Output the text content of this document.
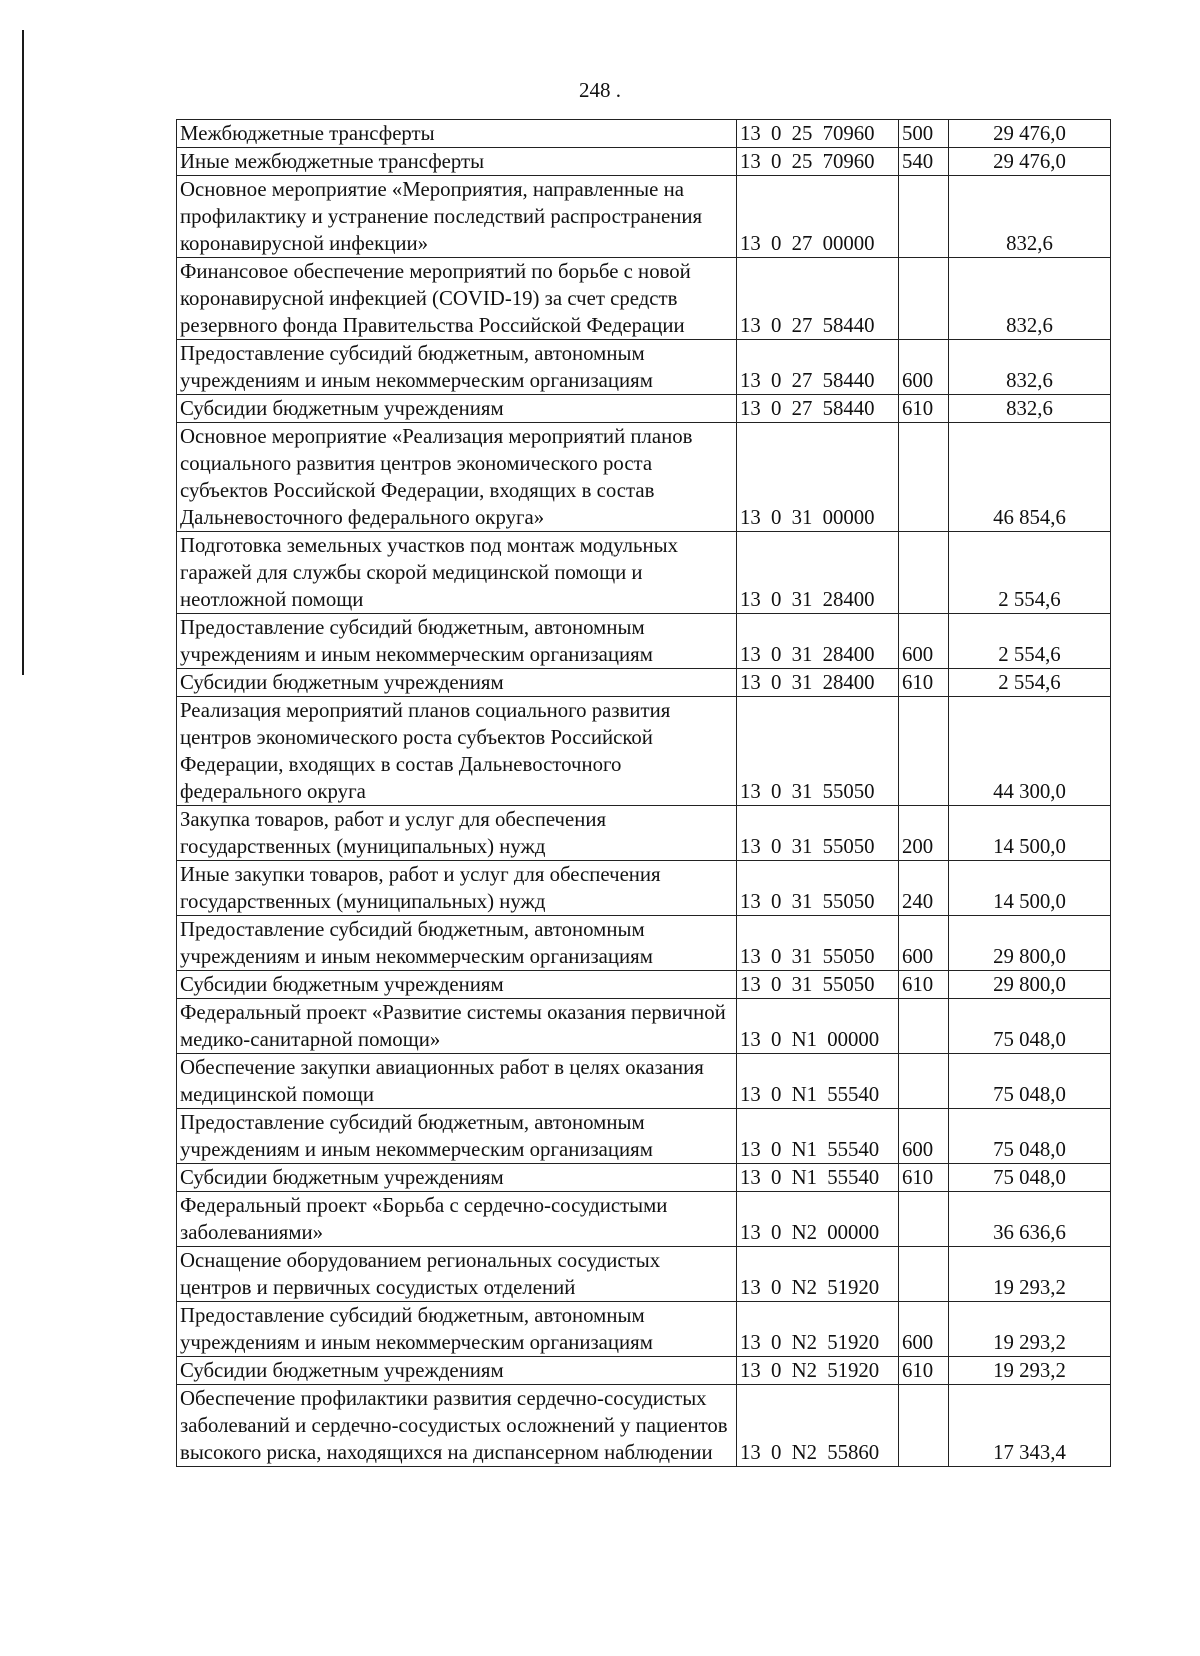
248 .
Межбюджетные трансферты	13 0 25 70960	500	29 476,0
Иные межбюджетные трансферты	13 0 25 70960	540	29 476,0
Основное мероприятие «Мероприятия, направленные на профилактику и устранение последствий распространения коронавирусной инфекции»	13 0 27 00000		832,6
Финансовое обеспечение мероприятий по борьбе с новой коронавирусной инфекцией (COVID-19) за счет средств резервного фонда Правительства Российской Федерации	13 0 27 58440		832,6
Предоставление субсидий бюджетным, автономным учреждениям и иным некоммерческим организациям	13 0 27 58440	600	832,6
Субсидии бюджетным учреждениям	13 0 27 58440	610	832,6
Основное мероприятие «Реализация мероприятий планов социального развития центров экономического роста субъектов Российской Федерации, входящих в состав Дальневосточного федерального округа»	13 0 31 00000		46 854,6
Подготовка земельных участков под монтаж модульных гаражей для службы скорой медицинской помощи и неотложной помощи	13 0 31 28400		2 554,6
Предоставление субсидий бюджетным, автономным учреждениям и иным некоммерческим организациям	13 0 31 28400	600	2 554,6
Субсидии бюджетным учреждениям	13 0 31 28400	610	2 554,6
Реализация мероприятий планов социального развития центров экономического роста субъектов Российской Федерации, входящих в состав Дальневосточного федерального округа	13 0 31 55050		44 300,0
Закупка товаров, работ и услуг для обеспечения государственных (муниципальных) нужд	13 0 31 55050	200	14 500,0
Иные закупки товаров, работ и услуг для обеспечения государственных (муниципальных) нужд	13 0 31 55050	240	14 500,0
Предоставление субсидий бюджетным, автономным учреждениям и иным некоммерческим организациям	13 0 31 55050	600	29 800,0
Субсидии бюджетным учреждениям	13 0 31 55050	610	29 800,0
Федеральный проект «Развитие системы оказания первичной медико-санитарной помощи»	13 0 N1 00000		75 048,0
Обеспечение закупки авиационных работ в целях оказания медицинской помощи	13 0 N1 55540		75 048,0
Предоставление субсидий бюджетным, автономным учреждениям и иным некоммерческим организациям	13 0 N1 55540	600	75 048,0
Субсидии бюджетным учреждениям	13 0 N1 55540	610	75 048,0
Федеральный проект «Борьба с сердечно-сосудистыми заболеваниями»	13 0 N2 00000		36 636,6
Оснащение оборудованием региональных сосудистых центров и первичных сосудистых отделений	13 0 N2 51920		19 293,2
Предоставление субсидий бюджетным, автономным учреждениям и иным некоммерческим организациям	13 0 N2 51920	600	19 293,2
Субсидии бюджетным учреждениям	13 0 N2 51920	610	19 293,2
Обеспечение профилактики развития сердечно-сосудистых заболеваний и сердечно-сосудистых осложнений у пациентов высокого риска, находящихся на диспансерном наблюдении	13 0 N2 55860		17 343,4
